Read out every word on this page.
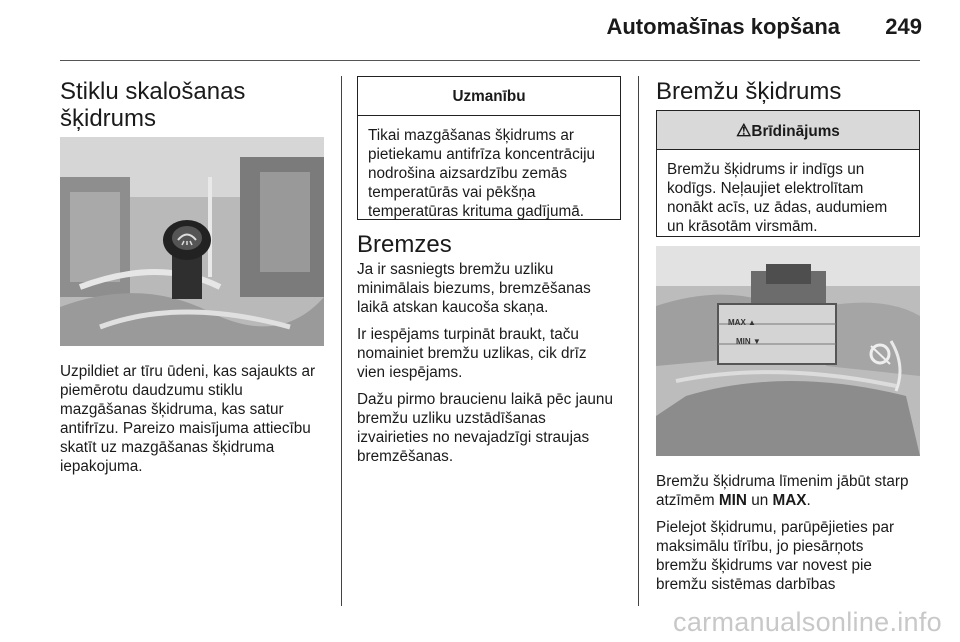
Automašīnas kopšana 249

Stiklu skalošanas

šķidrums

Uzpildiet ar tīru ūdeni, kas sajaukts ar

piemērotu daudzumu stiklu

mazgāšanas šķidruma, kas satur

antifrīzu. Pareizo maisījuma attiecību

skatīt uz mazgāšanas šķidruma

iepakojuma.

Uzmanību

Tikai mazgāšanas šķidrums ar

pietiekamu antifrīza koncentrāciju

nodrošina aizsardzību zemās

temperatūrās vai pēkšņa

temperatūras krituma gadījumā.

Bremzes

Ja ir sasniegts bremžu uzliku

minimālais biezums, bremzēšanas

laikā atskan kaucoša skaņa.

Ir iespējams turpināt braukt, taču

nomainiet bremžu uzlikas, cik drīz

vien iespējams.

Dažu pirmo braucienu laikā pēc jaunu

bremžu uzliku uzstādīšanas

izvairieties no nevajadzīgi straujas

bremzēšanas.

Bremžu šķidrums

⚠Brīdinājums

Bremžu šķidrums ir indīgs un

kodīgs. Neļaujiet elektrolītam

nonākt acīs, uz ādas, audumiem

un krāsotām virsmām.

MAX ▲
MIN ▼

Bremžu šķidruma līmenim jābūt starp

atzīmēm MIN un MAX.

Pielejot šķidrumu, parūpējieties par

maksimālu tīrību, jo piesārņots

bremžu šķidrums var novest pie

bremžu sistēmas darbības

carmanualsonline.info
